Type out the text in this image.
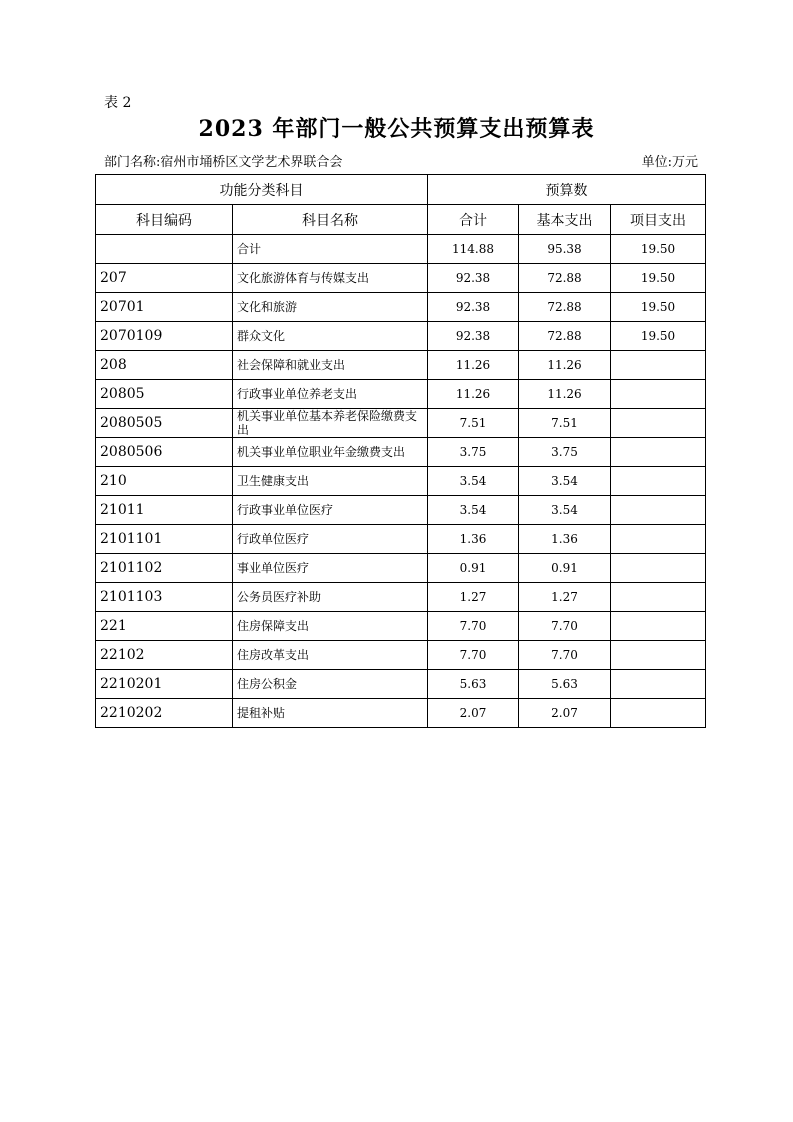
表 2
2023 年部门一般公共预算支出预算表
部门名称:宿州市埇桥区文学艺术界联合会	单位:万元
功能分类科目		预算数		
科目编码	科目名称	合计	基本支出	项目支出
	合计	114.88	95.38	19.50
207	文化旅游体育与传媒支出	92.38	72.88	19.50
20701	文化和旅游	92.38	72.88	19.50
2070109	群众文化	92.38	72.88	19.50
208	社会保障和就业支出	11.26	11.26	
20805	行政事业单位养老支出	11.26	11.26	
2080505	机关事业单位基本养老保险缴费支出	7.51	7.51	
2080506	机关事业单位职业年金缴费支出	3.75	3.75	
210	卫生健康支出	3.54	3.54	
21011	行政事业单位医疗	3.54	3.54	
2101101	行政单位医疗	1.36	1.36	
2101102	事业单位医疗	0.91	0.91	
2101103	公务员医疗补助	1.27	1.27	
221	住房保障支出	7.70	7.70	
22102	住房改革支出	7.70	7.70	
2210201	住房公积金	5.63	5.63	
2210202	提租补贴	2.07	2.07	
